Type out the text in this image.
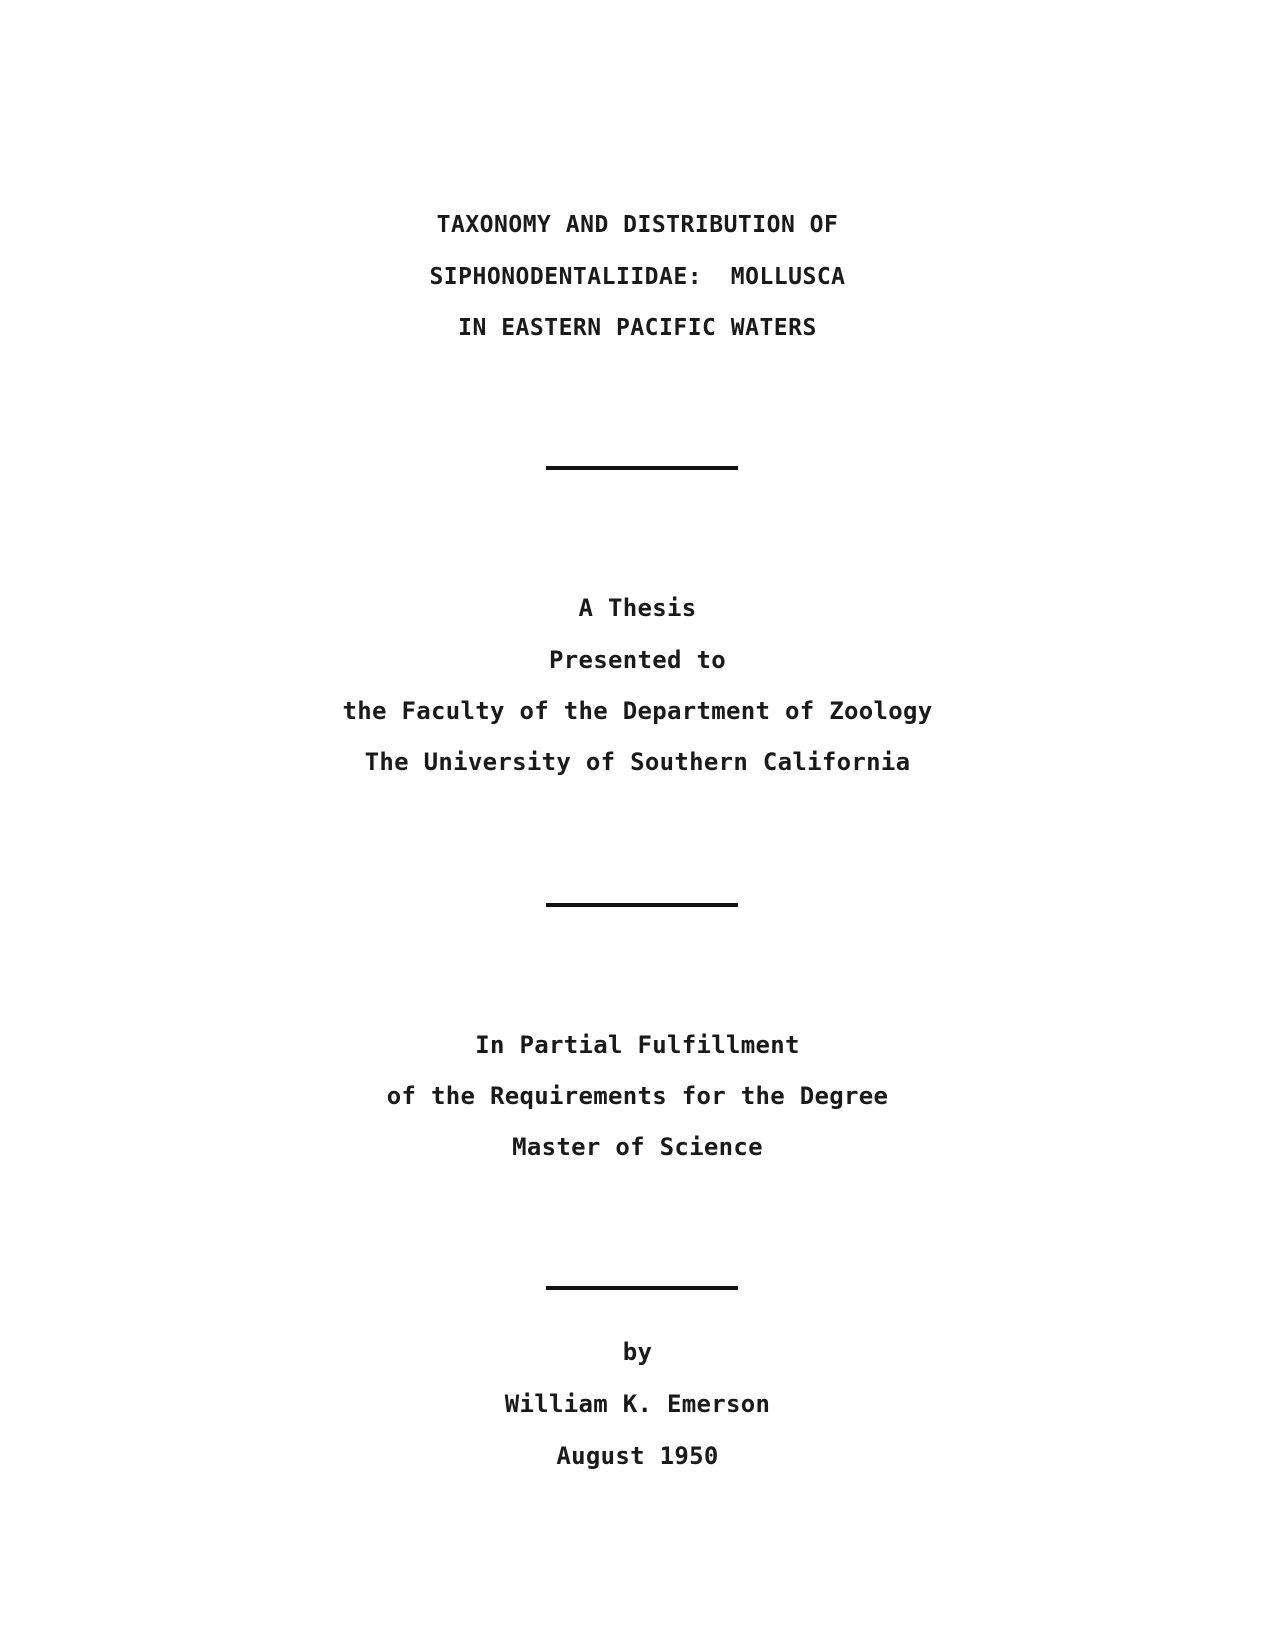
TAXONOMY AND DISTRIBUTION OF
SIPHONODENTALIIDAE:  MOLLUSCA
IN EASTERN PACIFIC WATERS
A Thesis
Presented to
the Faculty of the Department of Zoology
The University of Southern California
In Partial Fulfillment
of the Requirements for the Degree
Master of Science
by
William K. Emerson
August 1950
